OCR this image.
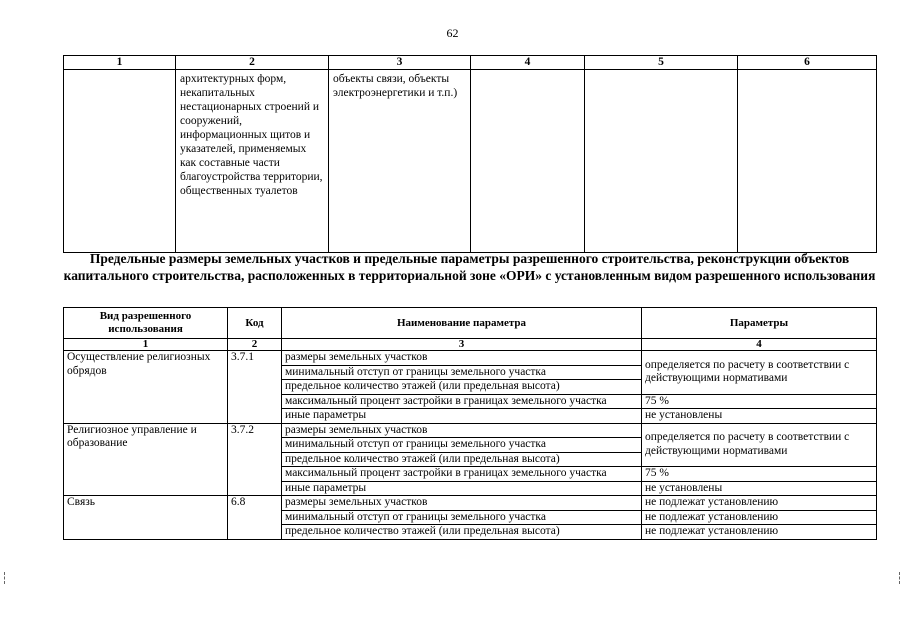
62
1	2	3	4	5	6
	архитектурных форм, некапитальных нестационарных строений и сооружений, информационных щитов и указателей, применяемых как составные части благоустройства территории, общественных туалетов	объекты связи, объекты электроэнергетики и т.п.)			
Предельные размеры земельных участков и предельные параметры разрешенного строительства, реконструкции объектов капитального строительства, расположенных в территориальной зоне «ОРИ» с установленным видом разрешенного использования
Вид разрешенного использования	Код	Наименование параметра	Параметры
1	2	3	4
Осуществление религиозных обрядов	3.7.1	размеры земельных участков	определяется по расчету в соответствии с действующими нормативами
		минимальный отступ от границы земельного участка	
		предельное количество этажей (или предельная высота)	
		максимальный процент застройки в границах земельного участка	75 %

		иные параметры	не установлены
Религиозное управление и образование	3.7.2	размеры земельных участков	определяется по расчету в соответствии с действующими нормативами
		минимальный отступ от границы земельного участка	
		предельное количество этажей (или предельная высота)	
		максимальный процент застройки в границах земельного участка	75 %

		иные параметры	не установлены
Связь	6.8	размеры земельных участков	не подлежат установлению
		минимальный отступ от границы земельного участка	не подлежат установлению
		предельное количество этажей (или предельная высота)	не подлежат установлению
